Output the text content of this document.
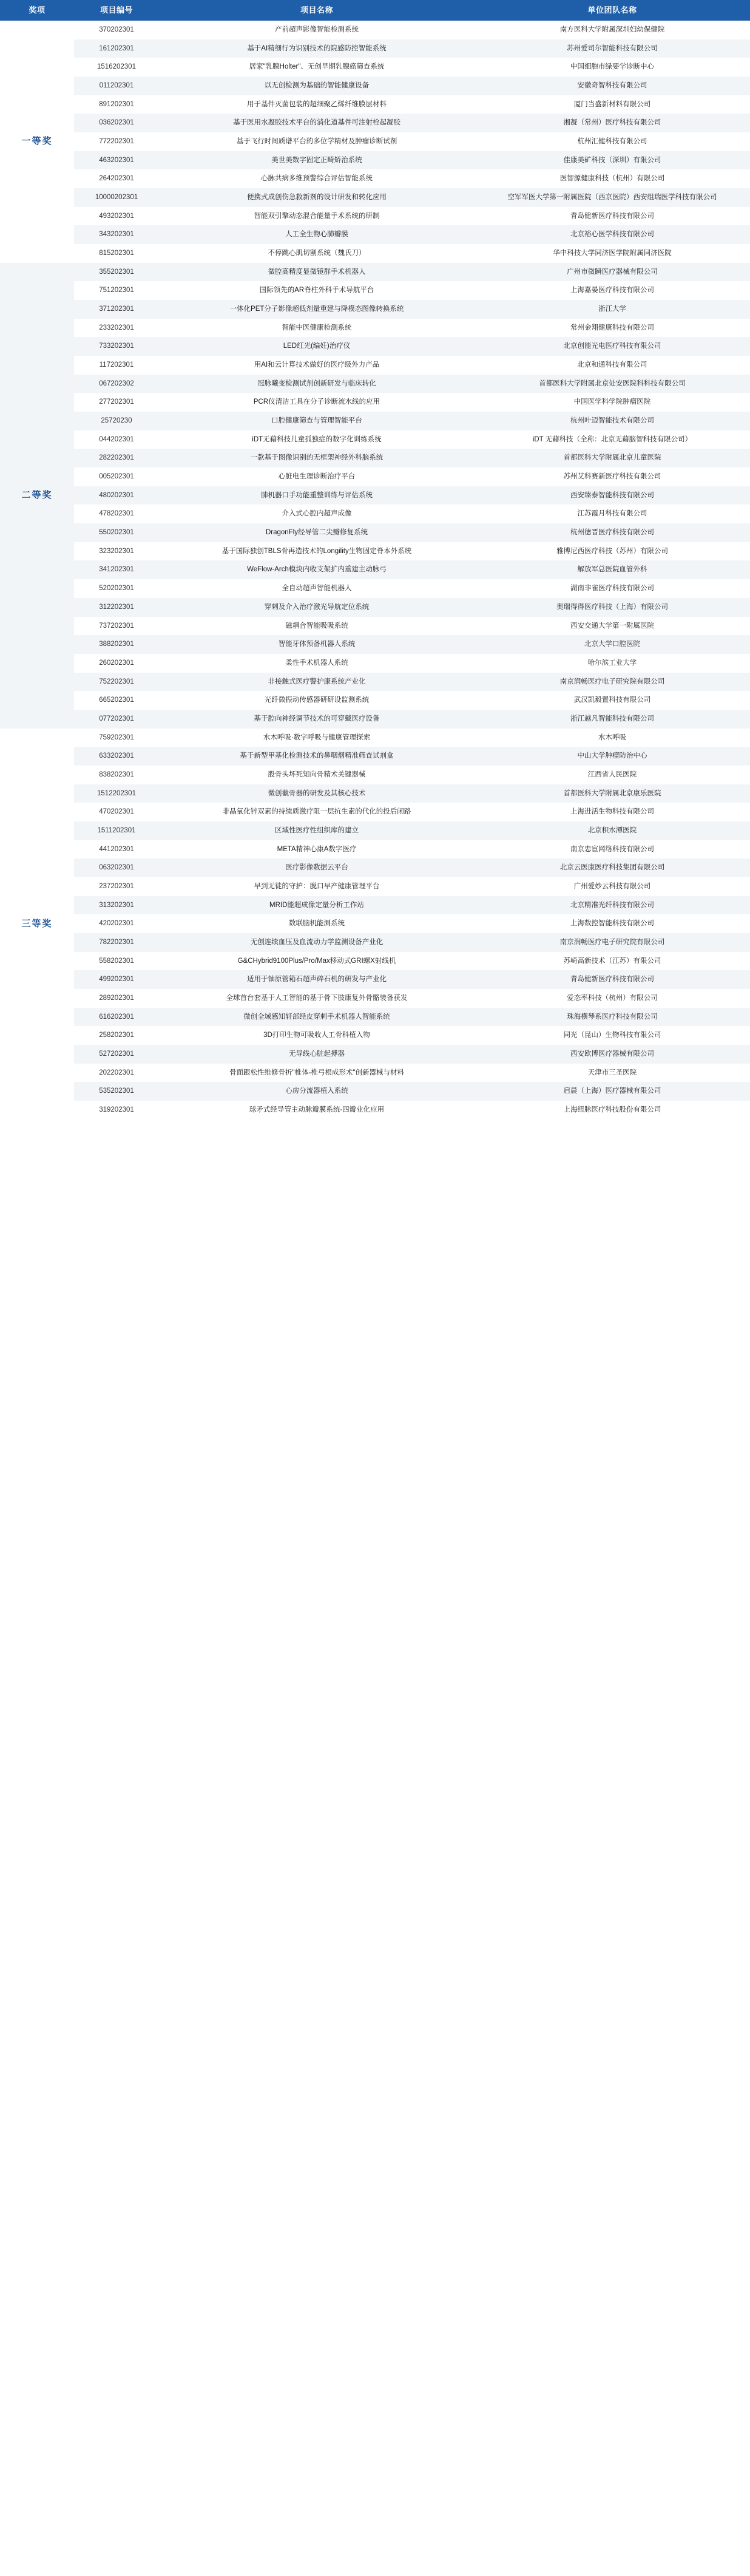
奖项	项目编号	项目名称	单位团队名称
一等奖	370202301	产前超声影像智能检测系统	南方医科大学附属深圳妇幼保健院
	161202301	基于AI精细行为识别技术的院感防控智能系统	苏州爱司尔智能科技有限公司
	1516202301	居家"乳腺Holter"、无创早期乳腺癌筛查系统	中国细胞市绿要学诊断中心
	011202301	以无创检测为基础的智能健康设备	安徽奇智科技有限公司
	891202301	用于基件灭菌包装的超细聚乙烯纤维膜层材料	厦门当盛新材料有限公司
	036202301	基于医用水凝胶技术平台的消化道基件可注射栓起凝胶	湘凝（常州）医疗科技有限公司
	772202301	基于飞行时间质谱平台的多位学精材及肿瘤诊断试剂	杭州汇健科技有限公司
	463202301	美世美数字固定正畸矫治系统	佳康美矿科技（深圳）有限公司
	264202301	心脉共病多维预警综合评估智能系统	医智源健康科技（杭州）有限公司
	10000202301	便携式成创伤急救新剂的设计研发和转化应用	空军军医大学第一附属医院（西京医院）西安组瑞医学科技有限公司
	493202301	智能双引擎动态混合能量手术系统的研制	青岛健新医疗科技有限公司
	343202301	人工全生物心肺瓣膜	北京裕心医学科技有限公司
	815202301	不停跳心肌切割系统（魏氏刀）	华中科技大学同济医学院附属同济医院
二等奖	355202301	微腔高精度显微镜群手术机器人	广州市微瞬医疗器械有限公司
	751202301	国际领先的AR脊柱外科手术导航平台	上海嘉晏医疗科技有限公司
	371202301	一体化PET分子影像超低剂量重建与降模态图像转换系统	浙江大学
	233202301	智能中医健康检测系统	常州金翔健康科技有限公司
	733202301	LED红光(编妊)治疗仪	北京创能光电医疗科技有限公司
	117202301	用AI和云计算技术做好的医疗级外力产品	北京和通科技有限公司
	067202302	冠脉曦变检测试剂创新研发与临床转化	首都医科大学附属北京处安医院科科技有限公司
	277202301	PCR仪清洁工具在分子诊断流水线的应用	中国医学科学院肿瘤医院
	25720230	口腔健康筛查与管理智能平台	杭州叶迈智能技术有限公司
	044202301	iDT无藉科技儿童孤独症的数字化训练系统	iDT 无藉科技（全称：北京无藉脑智科技有限公司）
	282202301	一款基于图像识别的无框架神经外科脑系统	首都医科大学附属北京儿童医院
	005202301	心脏电生理诊断治疗平台	苏州艾科赛新医疗科技有限公司
	480202301	肺机器口手功能重整训练与评估系统	西安臻泰智能科技有限公司
	478202301	介入式心腔内超声成像	江苏霞月科技有限公司
	550202301	DragonFly经导管二尖瓣修复系统	杭州德晋医疗科技有限公司
	323202301	基于国际独创TBLS骨再造技术的Longility生物固定脊本外系统	雅博尼西医疗科技（苏州）有限公司
	341202301	WeFlow-Arch模块内收支架扩内重建主动脉弓	解放军总医院血管外科
	520202301	全自动超声智能机器人	湖南非雀医疗科技有限公司
	312202301	穿刺及介入治疗激光导航定位系统	奥瑞得得医疗科技（上海）有限公司
	737202301	磁耦合智能吸吸系统	西安交通大学第一附属医院
	388202301	智能牙体预备机器人系统	北京大学口腔医院
	260202301	柔性手术机器人系统	哈尔滨工业大学
	752202301	非接触式医疗警护康系统产业化	南京润畅医疗电子研究院有限公司
	665202301	光纤微振动传感器研研设监测系统	武汉凯毅置科技有限公司
	077202301	基于腔向神经调节技术的可穿戴医疗设备	浙江越凡智能科技有限公司
三等奖	759202301	水木呼吸·数字呼吸与健康管理探索	水木呼吸
	633202301	基于新型甲基化检测技术的鼻咽烟精准筛查试剂盒	中山大学肿瘤防治中心
	838202301	股骨头坏死知向骨精术关键器械	江西省人民医院
	1512202301	微创截骨器的研发及其核心技术	首都医科大学附属北京康乐医院
	470202301	非晶氧化锌双素的持续质激疗阻一层抗生素的代化的投后闭路	上海进活生物科技有限公司
	1511202301	区域性医疗性组织库的建立	北京积水潭医院
	441202301	META精神心康A数字医疗	南京忠宦网络科技有限公司
	063202301	医疗影像数据云平台	北京云医康医疗科技集团有限公司
	237202301	早到无徒的守护：脱口早产健康管理平台	广州爱妙云科技有限公司
	313202301	MRID能超成像定量分析工作站	北京精准光纤科技有限公司
	420202301	数联脑机能测系统	上海数控智能科技有限公司
	782202301	无创连续血压及血流动力学监测设备产业化	南京润畅医疗电子研究院有限公司
	558202301	G&CHybrid9100Plus/Pro/Max移动式GRI螺X射线机	苏崎高新技术（江苏）有限公司
	499202301	适用于铀原管箱石超声碎石机的研发与产业化	青岛健新医疗科技有限公司
	289202301	全球首台套基于人工智能的基于骨下肢康复外骨骼装备获发	爱态率科技（杭州）有限公司
	616202301	微创全域感知轩部经皮穿刺手术机器人智能系统	珠海横琴系医疗科技有限公司
	258202301	3D打印生物可吸收人工骨科植入物	同光（昆山）生物科技有限公司
	527202301	无导线心脏起搏器	西安欧博医疗器械有限公司
	202202301	骨面跟松性维修骨折"椎体-椎弓根成形术"创新器械与材料	天津市三圣医院
	535202301	心房分流器植入系统	启晨（上海）医疗器械有限公司
	319202301	球矛式经导管主动脉瓣膜系统-四瓣业化应用	上海纽脉医疗科技股份有限公司
